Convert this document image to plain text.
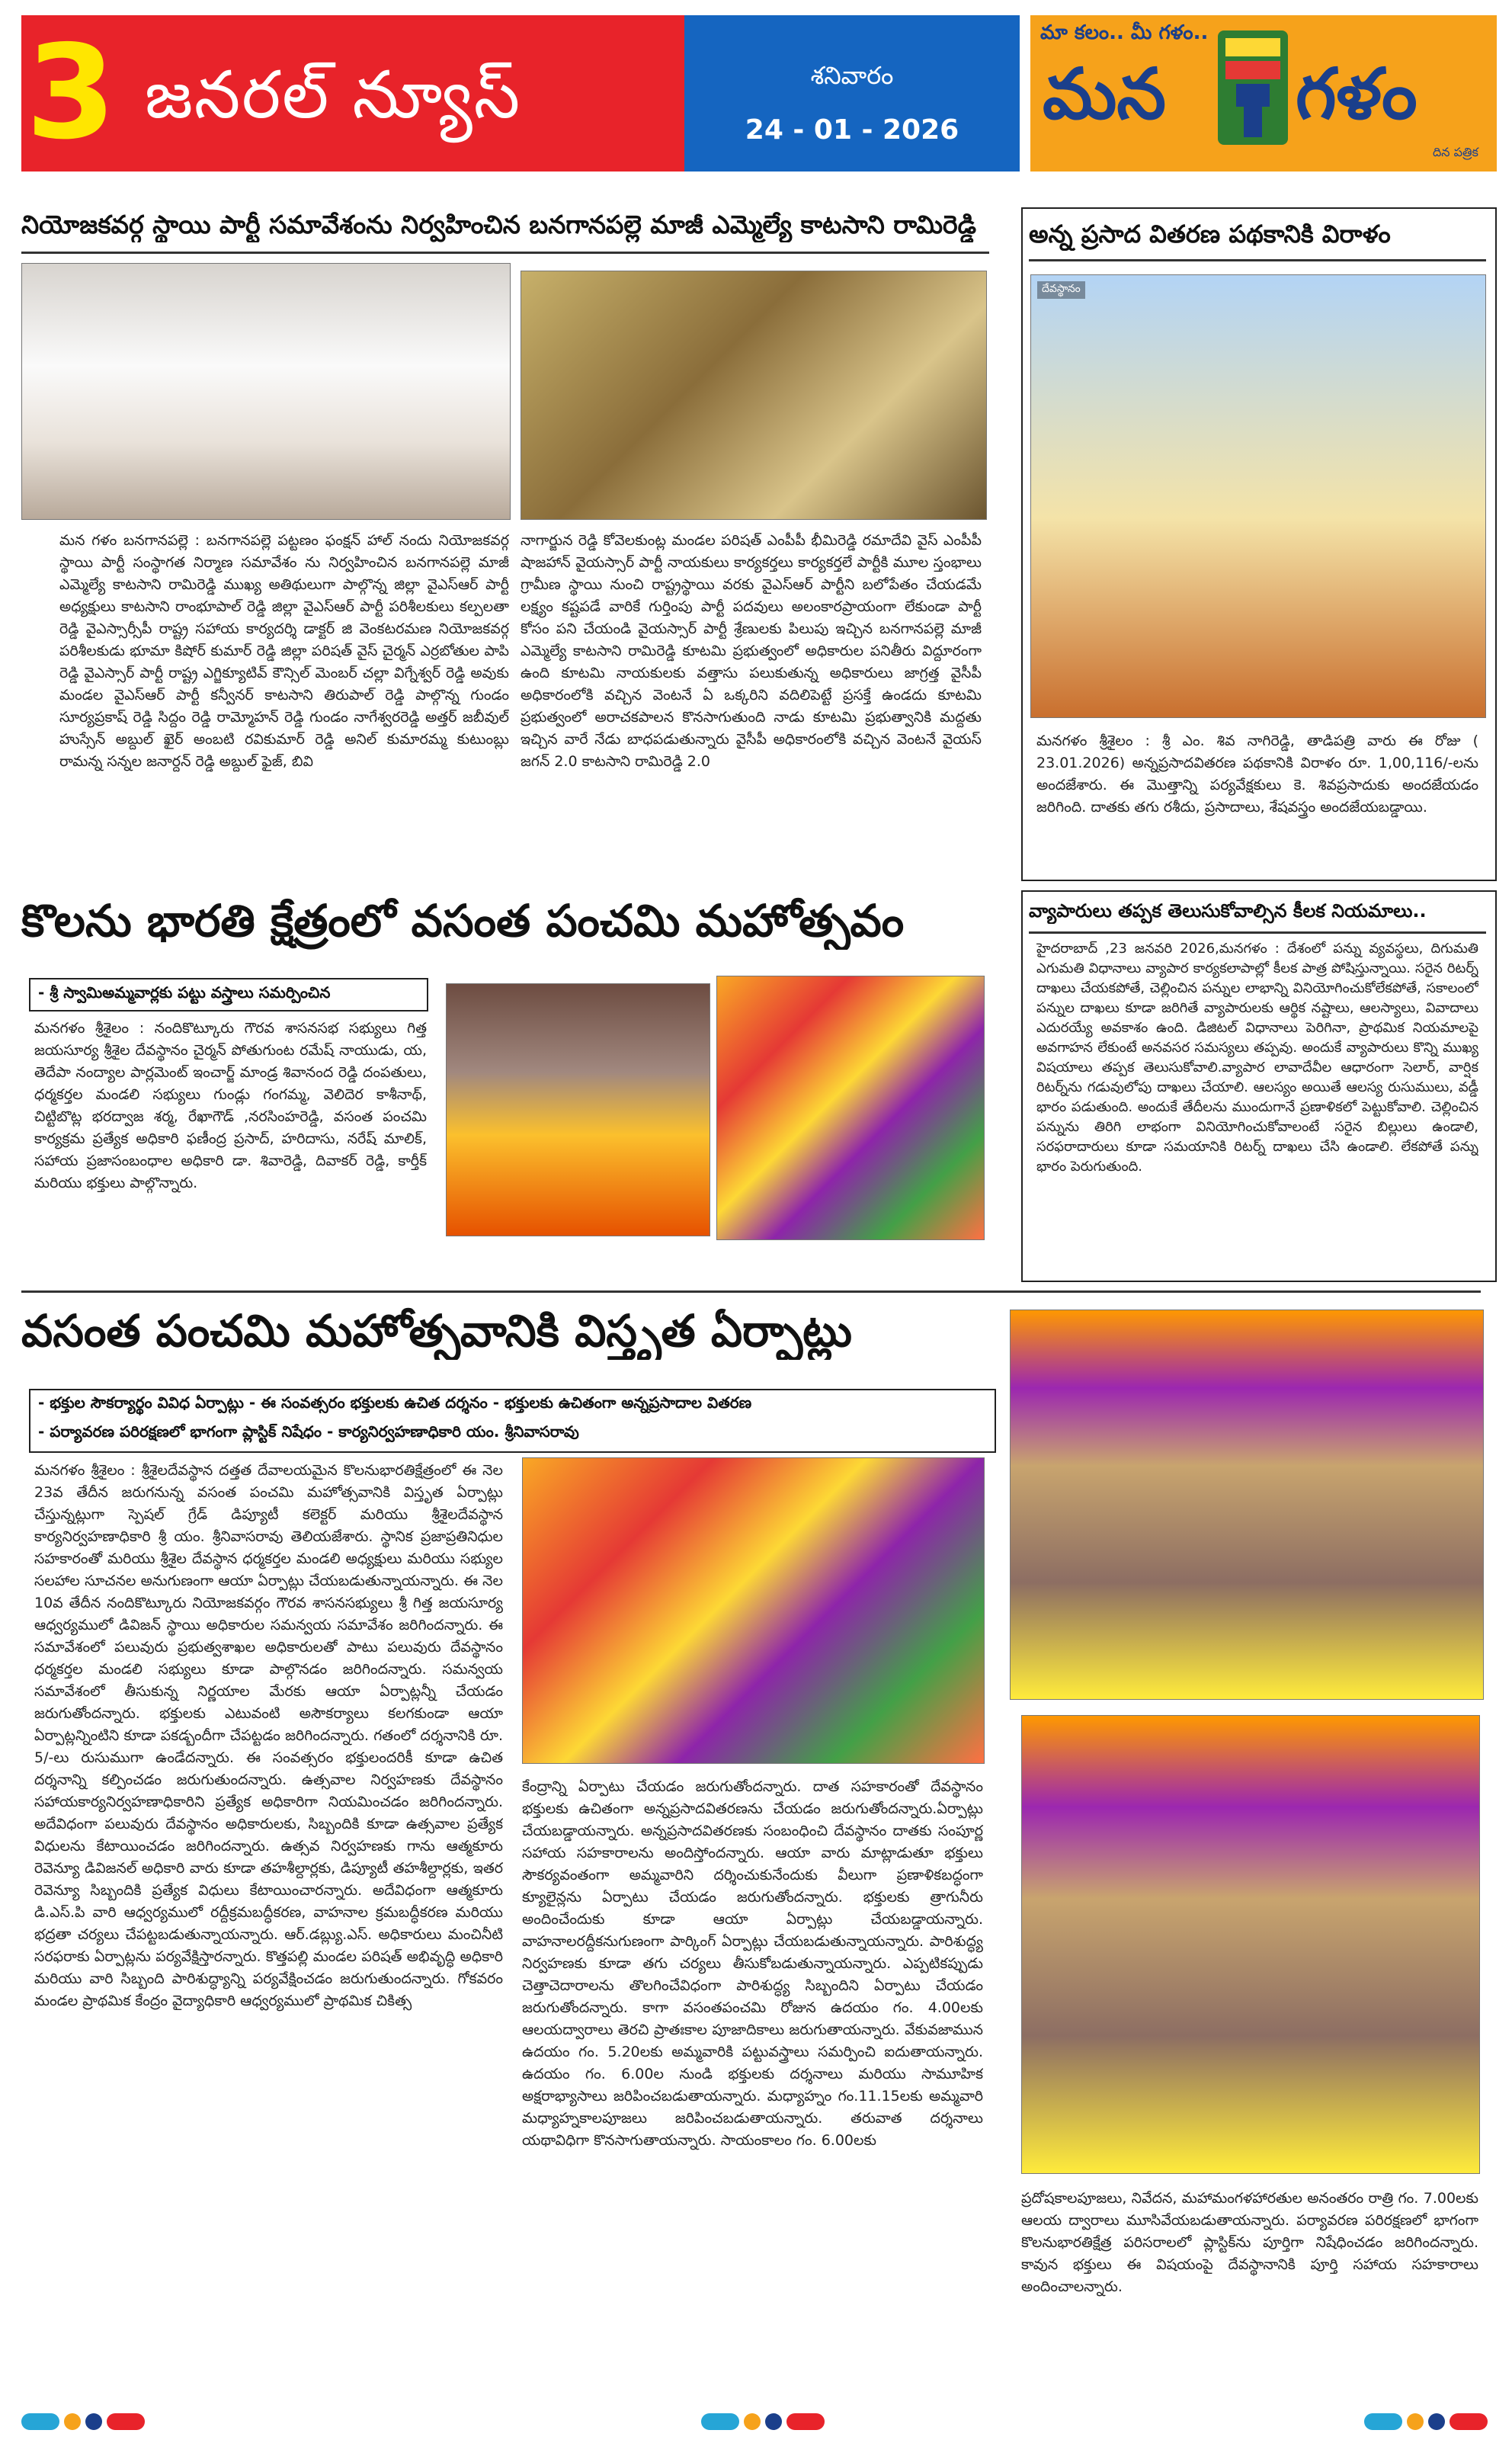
3 జనరల్ న్యూస్	శనివారం
24 - 01 - 2026
మా కలం.. మీ గళం..
మన గళం
దిన పత్రిక
నియోజకవర్గ స్థాయి పార్టీ సమావేశంను నిర్వహించిన బనగానపల్లె మాజీ ఎమ్మెల్యే కాటసాని రామిరెడ్డి
మన గళం బనగానపల్లె : బనగానపల్లె పట్టణం ఫంక్షన్ హాల్ నందు నియోజకవర్గ స్థాయి పార్టీ సంస్థాగత నిర్మాణ సమావేశం ను నిర్వహించిన బనగానపల్లె మాజీ ఎమ్మెల్యే కాటసాని రామిరెడ్డి ముఖ్య అతిథులుగా పాల్గొన్న జిల్లా వైఎస్ఆర్ పార్టీ అధ్యక్షులు కాటసాని రాంభూపాల్ రెడ్డి జిల్లా వైఎస్ఆర్ పార్టీ పరిశీలకులు కల్పలతా రెడ్డి వైఎస్సార్సీపీ రాష్ట్ర సహాయ కార్యదర్శి డాక్టర్ జి వెంకటరమణ నియోజకవర్గ పరిశీలకుడు భూమా కిషోర్ కుమార్ రెడ్డి జిల్లా పరిషత్ వైస్ చైర్మన్ ఎర్రబోతుల పాపి రెడ్డి వైఎస్సార్ పార్టీ రాష్ట్ర ఎగ్జిక్యూటివ్ కౌన్సిల్ మెంబర్ చల్లా విగ్నేశ్వర్ రెడ్డి అవుకు మండల వైఎస్ఆర్ పార్టీ కన్వీనర్ కాటసాని తిరుపాల్ రెడ్డి పాల్గొన్న గుండం సూర్యప్రకాష్ రెడ్డి సిద్దం రెడ్డి రామ్మోహన్ రెడ్డి గుండం నాగేశ్వరరెడ్డి అత్తర్ జబీవుల్ హుస్సేన్ అబ్దుల్ ఖైర్ అంబటి రవికుమార్ రెడ్డి అనిల్ కుమారమ్మ కుటుంబ్లు రామన్న సన్నల జనార్దన్ రెడ్డి అబ్దుల్ ఫైజ్, బివి
నాగార్జున రెడ్డి కోవెలకుంట్ల మండల పరిషత్ ఎంపీపీ భీమిరెడ్డి రమాదేవి వైస్ ఎంపీపీ షాజహాన్ వైయస్సార్ పార్టీ నాయకులు కార్యకర్తలు కార్యకర్తలే పార్టీకి మూల స్తంభాలు గ్రామీణ స్థాయి నుంచి రాష్ట్రస్థాయి వరకు వైఎస్ఆర్ పార్టీని బలోపేతం చేయడమే లక్ష్యం కష్టపడే వారికే గుర్తింపు పార్టీ పదవులు అలంకారప్రాయంగా లేకుండా పార్టీ కోసం పని చేయండి వైయస్సార్ పార్టీ శ్రేణులకు పిలుపు ఇచ్చిన బనగానపల్లె మాజీ ఎమ్మెల్యే కాటసాని రామిరెడ్డి కూటమి ప్రభుత్వంలో అధికారుల పనితీరు విద్దూరంగా ఉంది కూటమి నాయకులకు వత్తాసు పలుకుతున్న అధికారులు జాగ్రత్త వైసీపీ అధికారంలోకి వచ్చిన వెంటనే ఏ ఒక్కరిని వదిలిపెట్టే ప్రసక్తే ఉండదు కూటమి ప్రభుత్వంలో అరాచకపాలన కొనసాగుతుంది నాడు కూటమి ప్రభుత్వానికి మద్దతు ఇచ్చిన వారే నేడు బాధపడుతున్నారు వైసీపీ అధికారంలోకి వచ్చిన వెంటనే వైయస్ జగన్ 2.0 కాటసాని రామిరెడ్డి 2.0
అన్న ప్రసాద వితరణ పథకానికి విరాళం
దేవస్థానం
మనగళం శ్రీశైలం : శ్రీ ఎం. శివ నాగిరెడ్డి, తాడిపత్రి వారు ఈ రోజు ( 23.01.2026) అన్నప్రసాదవితరణ పథకానికి విరాళం రూ. 1,00,116/-లను అందజేశారు. ఈ మొత్తాన్ని పర్యవేక్షకులు కె. శివప్రసాదుకు అందజేయడం జరిగింది. దాతకు తగు రశీదు, ప్రసాదాలు, శేషవస్త్రం అందజేయబడ్డాయి.
కొలను భారతి క్షేత్రంలో వసంత పంచమి మహోత్సవం
- శ్రీ స్వామిఅమ్మవార్లకు పట్టు వస్త్రాలు సమర్పించిన
మనగళం శ్రీశైలం : నందికొట్కూరు గౌరవ శాసనసభ సభ్యులు గిత్త జయసూర్య శ్రీశైల దేవస్థానం చైర్మన్ పోతుగుంట రమేష్ నాయుడు, య, తెదేపా నంద్యాల పార్లమెంట్ ఇంచార్జ్ మాండ్ర శివానంద రెడ్డి దంపతులు, ధర్మకర్తల మండలి సభ్యులు గుండ్లు గంగమ్మ, వెలిదెర కాశీనాథ్, చిట్టిబొట్ల భరద్వాజ శర్మ, రేఖాగౌడ్ ,నరసింహరెడ్డి, వసంత పంచమి కార్యక్రమ ప్రత్యేక అధికారి ఫణీంద్ర ప్రసాద్, హరిదాసు, నరేష్ మాలిక్, సహాయ ప్రజాసంబంధాల అధికారి డా. శివారెడ్డి, దివాకర్ రెడ్డి, కార్తీక్ మరియు భక్తులు పాల్గొన్నారు.
వ్యాపారులు తప్పక తెలుసుకోవాల్సిన కీలక నియమాలు..
హైదరాబాద్ ,23 జనవరి 2026,మనగళం : దేశంలో పన్ను వ్యవస్థలు, దిగుమతి ఎగుమతి విధానాలు వ్యాపార కార్యకలాపాల్లో కీలక పాత్ర పోషిస్తున్నాయి. సరైన రిటర్న్ దాఖలు చేయకపోతే, చెల్లించిన పన్నుల లాభాన్ని వినియోగించుకోలేకపోతే, సకాలంలో పన్నుల దాఖలు కూడా జరిగితే వ్యాపారులకు ఆర్థిక నష్టాలు, ఆలస్యాలు, వివాదాలు ఎదురయ్యే అవకాశం ఉంది. డిజిటల్ విధానాలు పెరిగినా, ప్రాథమిక నియమాలపై అవగాహన లేకుంటే అనవసర సమస్యలు తప్పవు. అందుకే వ్యాపారులు కొన్ని ముఖ్య విషయాలు తప్పక తెలుసుకోవాలి.వ్యాపార లావాదేవీల ఆధారంగా సెలార్, వార్షిక రిటర్న్‌ను గడువులోపు దాఖలు చేయాలి. ఆలస్యం అయితే ఆలస్య రుసుములు, వడ్డీ భారం పడుతుంది. అందుకే తేదీలను ముందుగానే ప్రణాళికలో పెట్టుకోవాలి. చెల్లించిన పన్నును తిరిగి లాభంగా వినియోగించుకోవాలంటే సరైన బిల్లులు ఉండాలి, సరఫరాదారులు కూడా సమయానికి రిటర్న్ దాఖలు చేసి ఉండాలి. లేకపోతే పన్ను భారం పెరుగుతుంది.
వసంత పంచమి మహోత్సవానికి విస్తృత ఏర్పాట్లు
- భక్తుల సౌకర్యార్థం వివిధ ఏర్పాట్లు - ఈ సంవత్సరం భక్తులకు ఉచిత దర్శనం - భక్తులకు ఉచితంగా అన్నప్రసాదాల వితరణ
- పర్యావరణ పరిరక్షణలో భాగంగా ప్లాస్టిక్ నిషేధం - కార్యనిర్వహణాధికారి యం. శ్రీనివాసరావు
మనగళం శ్రీశైలం : శ్రీశైలదేవస్థాన దత్తత దేవాలయమైన కొలనుభారతిక్షేత్రంలో ఈ నెల 23వ తేదీన జరుగనున్న వసంత పంచమి మహోత్సవానికి విస్తృత ఏర్పాట్లు చేస్తున్నట్లుగా స్పెషల్ గ్రేడ్ డిప్యూటీ కలెక్టర్ మరియు శ్రీశైలదేవస్థాన కార్యనిర్వహణాధికారి శ్రీ యం. శ్రీనివాసరావు తెలియజేశారు. స్థానిక ప్రజాప్రతినిధుల సహకారంతో మరియు శ్రీశైల దేవస్థాన ధర్మకర్తల మండలి అధ్యక్షులు మరియు సభ్యుల సలహాల సూచనల అనుగుణంగా ఆయా ఏర్పాట్లు చేయబడుతున్నాయన్నారు. ఈ నెల 10వ తేదీన నందికొట్కూరు నియోజకవర్గం గౌరవ శాసనసభ్యులు శ్రీ గిత్త జయసూర్య ఆధ్వర్యములో డివిజన్ స్థాయి అధికారుల సమన్వయ సమావేశం జరిగిందన్నారు. ఈ సమావేశంలో పలువురు ప్రభుత్వశాఖల అధికారులతో పాటు పలువురు దేవస్థానం ధర్మకర్తల మండలి సభ్యులు కూడా పాల్గొనడం జరిగిందన్నారు. సమన్వయ సమావేశంలో తీసుకున్న నిర్ణయాల మేరకు ఆయా ఏర్పాట్లన్నీ చేయడం జరుగుతోందన్నారు. భక్తులకు ఎటువంటి అసౌకర్యాలు కలగకుండా ఆయా ఏర్పాట్లన్నింటిని కూడా పకడ్బందీగా చేపట్టడం జరిగిందన్నారు. గతంలో దర్శనానికి రూ. 5/-లు రుసుముగా ఉండేదన్నారు. ఈ సంవత్సరం భక్తులందరికీ కూడా ఉచిత దర్శనాన్ని కల్పించడం జరుగుతుందన్నారు. ఉత్సవాల నిర్వహణకు దేవస్థానం సహాయకార్యనిర్వహణాధికారిని ప్రత్యేక అధికారిగా నియమించడం జరిగిందన్నారు. అదేవిధంగా పలువురు దేవస్థానం అధికారులకు, సిబ్బందికి కూడా ఉత్సవాల ప్రత్యేక విధులను కేటాయించడం జరిగిందన్నారు. ఉత్సవ నిర్వహణకు గాను ఆత్మకూరు రెవెన్యూ డివిజనల్ అధికారి వారు కూడా తహశీల్దార్లకు, డిప్యూటీ తహశీల్దార్లకు, ఇతర రెవెన్యూ సిబ్బందికి ప్రత్యేక విధులు కేటాయించారన్నారు. అదేవిధంగా ఆత్మకూరు డి.ఎస్.పి వారి ఆధ్వర్యములో రద్దీక్రమబద్ధీకరణ, వాహనాల క్రమబద్ధీకరణ మరియు భద్రతా చర్యలు చేపట్టబడుతున్నాయన్నారు. ఆర్.డబ్ల్యు.ఎస్. అధికారులు మంచినీటి సరఫరాకు ఏర్పాట్లను పర్యవేక్షిస్తారన్నారు. కొత్తపల్లి మండల పరిషత్ అభివృద్ధి అధికారి మరియు వారి సిబ్బంది పారిశుద్ధ్యాన్ని పర్యవేక్షించడం జరుగుతుందన్నారు. గోకవరం మండల ప్రాథమిక కేంద్రం వైద్యాధికారి ఆధ్వర్యములో ప్రాథమిక చికిత్స
కేంద్రాన్ని ఏర్పాటు చేయడం జరుగుతోందన్నారు. దాత సహకారంతో దేవస్థానం భక్తులకు ఉచితంగా అన్నప్రసాదవితరణను చేయడం జరుగుతోందన్నారు.ఏర్పాట్లు చేయబడ్డాయన్నారు. అన్నప్రసాదవితరణకు సంబంధించి దేవస్థానం దాతకు సంపూర్ణ సహాయ సహకారాలను అందిస్తోందన్నారు. ఆయా వారు మాట్లాడుతూ భక్తులు సౌకర్యవంతంగా అమ్మవారిని దర్శించుకునేందుకు వీలుగా ప్రణాళికబద్ధంగా క్యూలైన్లను ఏర్పాటు చేయడం జరుగుతోందన్నారు. భక్తులకు త్రాగునీరు అందించేందుకు కూడా ఆయా ఏర్పాట్లు చేయబడ్డాయన్నారు. వాహనాలరద్దీకనుగుణంగా పార్కింగ్ ఏర్పాట్లు చేయబడుతున్నాయన్నారు. పారిశుద్ధ్య నిర్వహణకు కూడా తగు చర్యలు తీసుకోబడుతున్నాయన్నారు. ఎప్పటికప్పుడు చెత్తాచెదారాలను తొలగించేవిధంగా పారిశుద్ధ్య సిబ్బందిని ఏర్పాటు చేయడం జరుగుతోందన్నారు. కాగా వసంతపంచమి రోజున ఉదయం గం. 4.00లకు ఆలయద్వారాలు తెరచి ప్రాతఃకాల పూజాదికాలు జరుగుతాయన్నారు. వేకువజామున ఉదయం గం. 5.20లకు అమ్మవారికి పట్టువస్త్రాలు సమర్పించి ఐదుతాయన్నారు. ఉదయం గం. 6.00ల నుండి భక్తులకు దర్శనాలు మరియు సామూహిక అక్షరాభ్యాసాలు జరిపించబడుతాయన్నారు. మధ్యాహ్నం గం.11.15లకు అమ్మవారి మధ్యాహ్నకాలపూజలు జరిపించబడుతాయన్నారు. తరువాత దర్శనాలు యథావిధిగా కొనసాగుతాయన్నారు. సాయంకాలం గం. 6.00లకు
ప్రదోషకాలపూజలు, నివేదన, మహామంగళహారతుల అనంతరం రాత్రి గం. 7.00లకు ఆలయ ద్వారాలు మూసివేయబడుతాయన్నారు. పర్యావరణ పరిరక్షణలో భాగంగా కొలనుభారతిక్షేత్ర పరిసరాలలో ప్లాస్టిక్‌ను పూర్తిగా నిషేధించడం జరిగిందన్నారు. కావున భక్తులు ఈ విషయంపై దేవస్థానానికి పూర్తి సహాయ సహకారాలు అందించాలన్నారు.
